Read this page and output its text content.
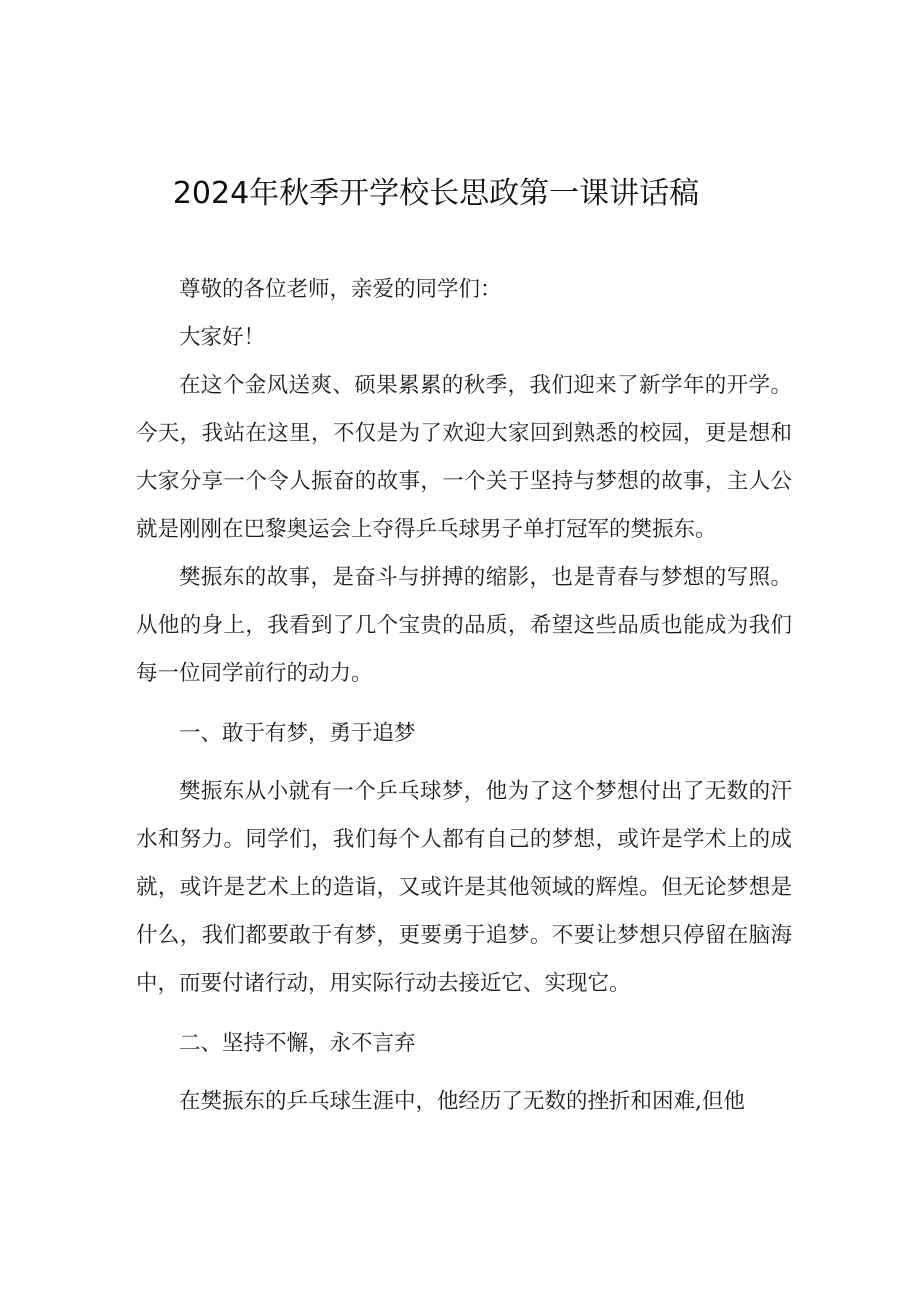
2024年秋季开学校长思政第一课讲话稿

尊敬的各位老师，亲爱的同学们：

大家好！

在这个金风送爽、硕果累累的秋季，我们迎来了新学年的开学。今天，我站在这里，不仅是为了欢迎大家回到熟悉的校园，更是想和大家分享一个令人振奋的故事，一个关于坚持与梦想的故事，主人公就是刚刚在巴黎奥运会上夺得乒乓球男子单打冠军的樊振东。

樊振东的故事，是奋斗与拼搏的缩影，也是青春与梦想的写照。从他的身上，我看到了几个宝贵的品质，希望这些品质也能成为我们每一位同学前行的动力。

一、敢于有梦，勇于追梦

樊振东从小就有一个乒乓球梦，他为了这个梦想付出了无数的汗水和努力。同学们，我们每个人都有自己的梦想，或许是学术上的成就，或许是艺术上的造诣，又或许是其他领域的辉煌。但无论梦想是什么，我们都要敢于有梦，更要勇于追梦。不要让梦想只停留在脑海中，而要付诸行动，用实际行动去接近它、实现它。

二、坚持不懈，永不言弃

在樊振东的乒乓球生涯中，他经历了无数的挫折和困难,但他
